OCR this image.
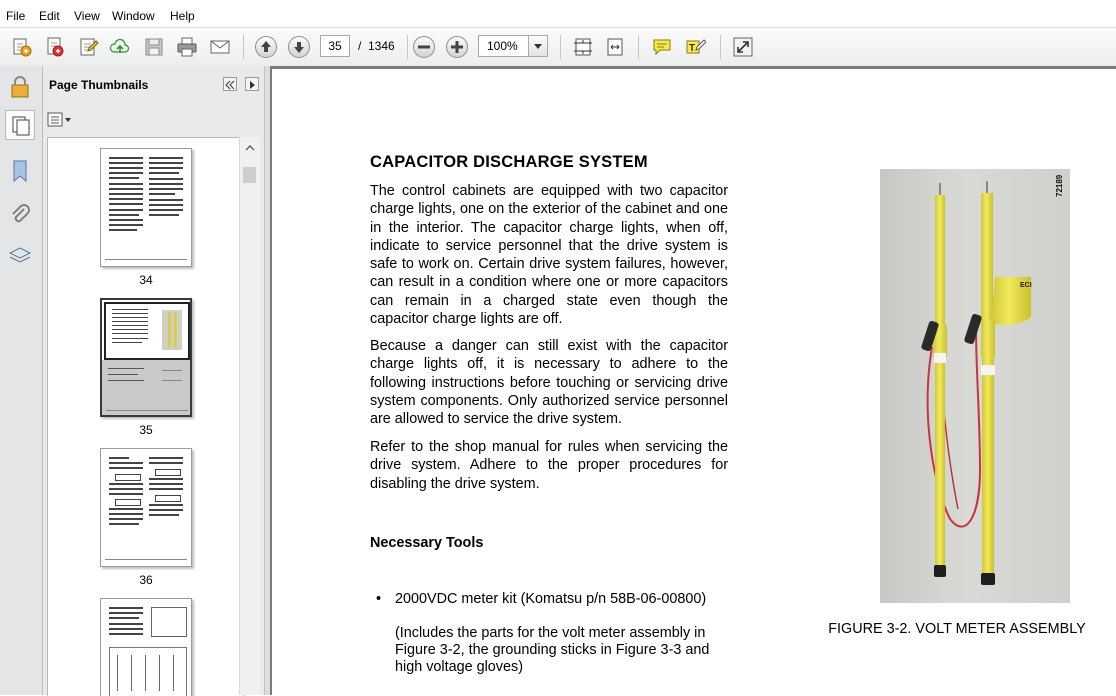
File Edit View Window Help
35	/ 1346	100%	T
Page Thumbnails
34
35
36
CAPACITOR DISCHARGE SYSTEM

The control cabinets are equipped with two capacitor charge lights, one on the exterior of the cabinet and one in the interior. The capacitor charge lights, when off, indicate to service personnel that the drive system is safe to work on. Certain drive system failures, however, can result in a condition where one or more capacitors can remain in a charged state even though the capacitor charge lights are off.

Because a danger can still exist with the capacitor charge lights off, it is necessary to adhere to the following instructions before touching or servicing drive system components. Only authorized service personnel are allowed to service the drive system.

Refer to the shop manual for rules when servicing the drive system. Adhere to the proper procedures for disabling the drive system.

Necessary Tools
• 2000VDC meter kit (Komatsu p/n 58B-06-00800)

(Includes the parts for the volt meter assembly in Figure 3-2, the grounding sticks in Figure 3-3 and high voltage gloves)

ECI
72189
FIGURE 3-2. VOLT METER ASSEMBLY
